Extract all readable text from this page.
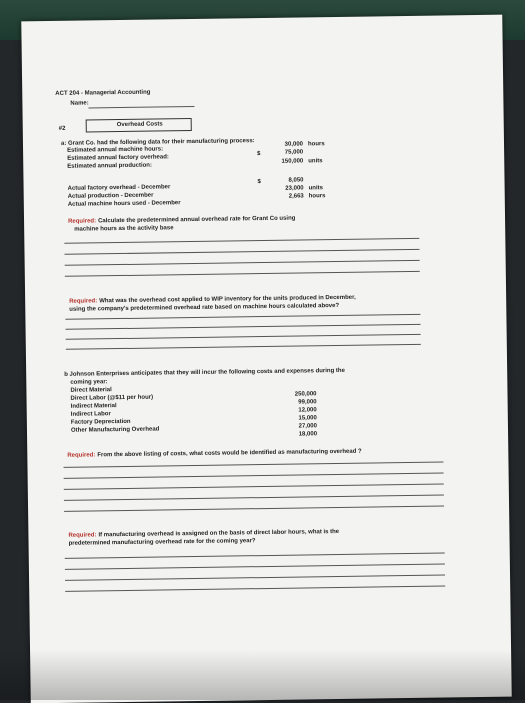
ACT 204 - Managerial Accounting
Name:
#2
Overhead Costs
a: Grant Co. had the following data for their manufacturing process:
Estimated annual machine hours:
30,000 hours
Estimated annual factory overhead:
$	75,000
Estimated annual production:
150,000 units
Actual factory overhead - December
$	8,050
Actual production - December
23,000 units
Actual machine hours used - December
2,663 hours
Required: Calculate the predetermined annual overhead rate for Grant Co using
machine hours as the activity base
Required: What was the overhead cost applied to WIP inventory for the units produced in December,
using the company's predetermined overhead rate based on machine hours calculated above?
b Johnson Enterprises anticipates that they will incur the following costs and expenses during the
coming year:
Direct Material
250,000
Direct Labor (@$11 per hour)
99,000
Indirect Material
12,000
Indirect Labor
15,000
Factory Depreciation
27,000
Other Manufacturing Overhead
18,000
Required: From the above listing of costs, what costs would be identified as manufacturing overhead ?
Required: If manufacturing overhead is assigned on the basis of direct labor hours, what is the
predetermined manufacturing overhead rate for the coming year?
